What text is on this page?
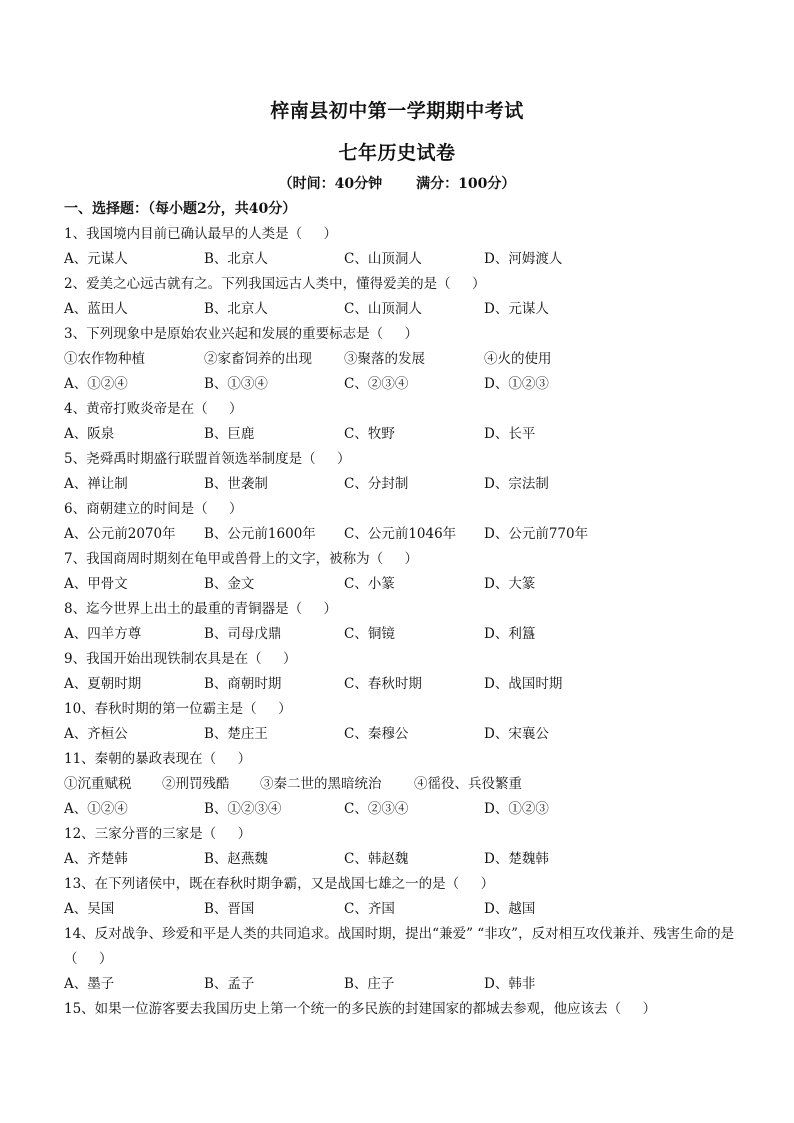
梓南县初中第一学期期中考试
七年历史试卷
（时间：40分钟 满分：100分）
一、选择题：（每小题2分，共40分）
1、我国境内目前已确认最早的人类是（     ）
A、元谋人	B、北京人	C、山顶洞人	D、河姆渡人
2、爱美之心远古就有之。下列我国远古人类中，懂得爱美的是（     ）
A、蓝田人	B、北京人	C、山顶洞人	D、元谋人
3、下列现象中是原始农业兴起和发展的重要标志是（     ）
①农作物种植	②家畜饲养的出现	③聚落的发展	④火的使用
A、①②④	B、①③④	C、②③④	D、①②③
4、黄帝打败炎帝是在（     ）
A、阪泉	B、巨鹿	C、牧野	D、长平
5、尧舜禹时期盛行联盟首领选举制度是（     ）
A、禅让制	B、世袭制	C、分封制	D、宗法制
6、商朝建立的时间是（     ）
A、公元前2070年	B、公元前1600年	C、公元前1046年	D、公元前770年
7、我国商周时期刻在龟甲或兽骨上的文字，被称为（     ）
A、甲骨文	B、金文	C、小篆	D、大篆
8、迄今世界上出土的最重的青铜器是（     ）
A、四羊方尊	B、司母戊鼎	C、铜镜	D、利簋
9、我国开始出现铁制农具是在（     ）
A、夏朝时期	B、商朝时期	C、春秋时期	D、战国时期
10、春秋时期的第一位霸主是（     ）
A、齐桓公	B、楚庄王	C、秦穆公	D、宋襄公
11、秦朝的暴政表现在（     ）
①沉重赋税	②刑罚残酷	③秦二世的黑暗统治	④徭役、兵役繁重
A、①②④	B、①②③④	C、②③④	D、①②③
12、三家分晋的三家是（     ）
A、齐楚韩	B、赵燕魏	C、韩赵魏	D、楚魏韩
13、在下列诸侯中，既在春秋时期争霸，又是战国七雄之一的是（     ）
A、吴国	B、晋国	C、齐国	D、越国
14、反对战争、珍爱和平是人类的共同追求。战国时期，提出“兼爱” “非攻”，反对相互攻伐兼并、残害生命的是（     ）
A、墨子	B、孟子	B、庄子	D、韩非
15、如果一位游客要去我国历史上第一个统一的多民族的封建国家的都城去参观，他应该去（     ）
